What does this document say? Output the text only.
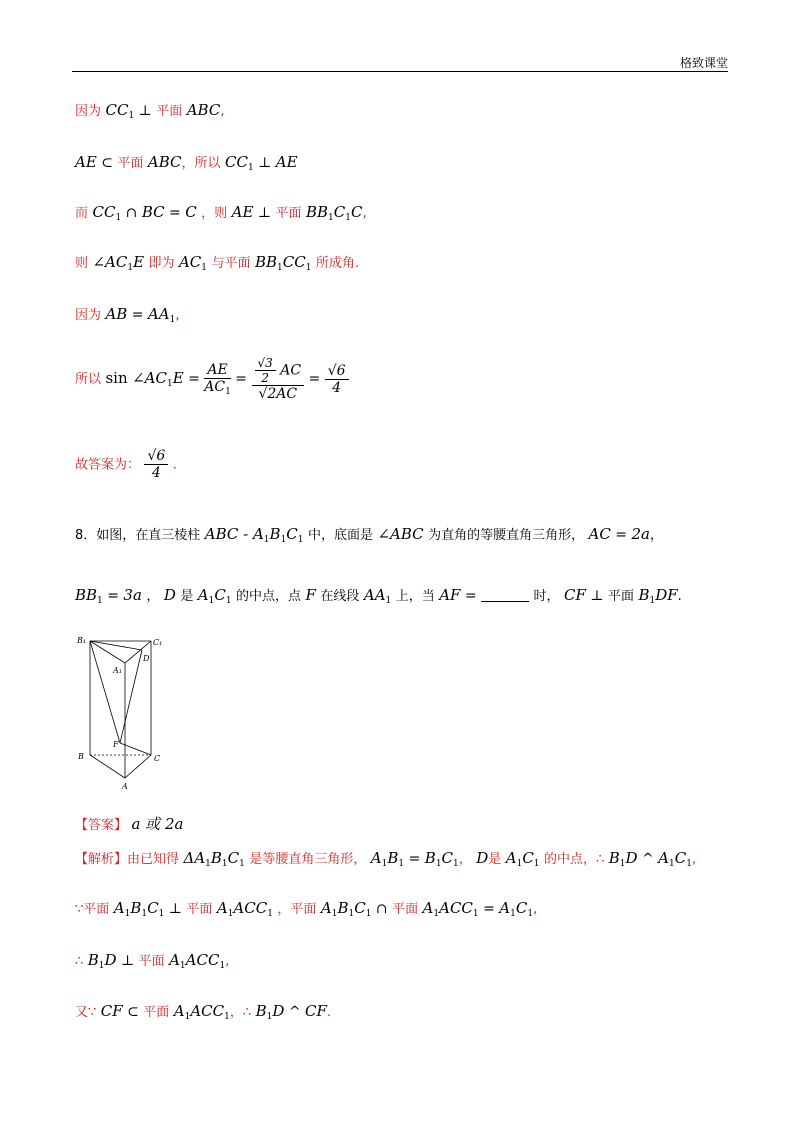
格致课堂
因为 $CC_1$ ⊥ 平面 ABC,
AE ⊂ 平面 ABC，所以 $CC_1$ ⊥ AE
而 $CC_1$ ∩ BC = C ，则 AE ⊥ 平面 $BB_1C_1C$,
则 $\angle AC_1E$ 即为 $AC_1$ 与平面 $BB_1CC_1$ 所成角.
因为 AB = $AA_1$,
所以 $\sin \angle AC_1E = \frac{AE}{AC_1} = \frac{\frac{√3}{2} AC}{√2AC} = \frac{√6}{4}$
故答案为： $\frac{√6}{4}$ .
8．如图，在直三棱柱 ABC - $A_1B_1C_1$ 中，底面是 ∠ABC 为直角的等腰直角三角形， AC = 2a，
$BB_1 = 3a$ ， D 是 $A_1C_1$ 的中点，点 F 在线段 $AA_1$ 上，当 AF =	时， CF ⊥ 平面 $B_1DF$.
B₁	C₁
A₁
D
F
B	C
A
【答案】 a 或 2a
【解析】由已知得 $\Delta A_1B_1C_1$ 是等腰直角三角形， $A_1B_1 = B_1C_1$， D是 $A_1C_1$ 的中点，∴ $B_1D$ ^ $A_1C_1$,
∵平面 $A_1B_1C_1$ ⊥ 平面 $A_1ACC_1$ ，平面 $A_1B_1C_1$ ∩ 平面 $A_1ACC_1 = A_1C_1$,
∴ $B_1D$ ⊥ 平面 $A_1ACC_1$,
又∵ CF ⊂ 平面 $A_1ACC_1$，∴ $B_1D$ ^ CF.
